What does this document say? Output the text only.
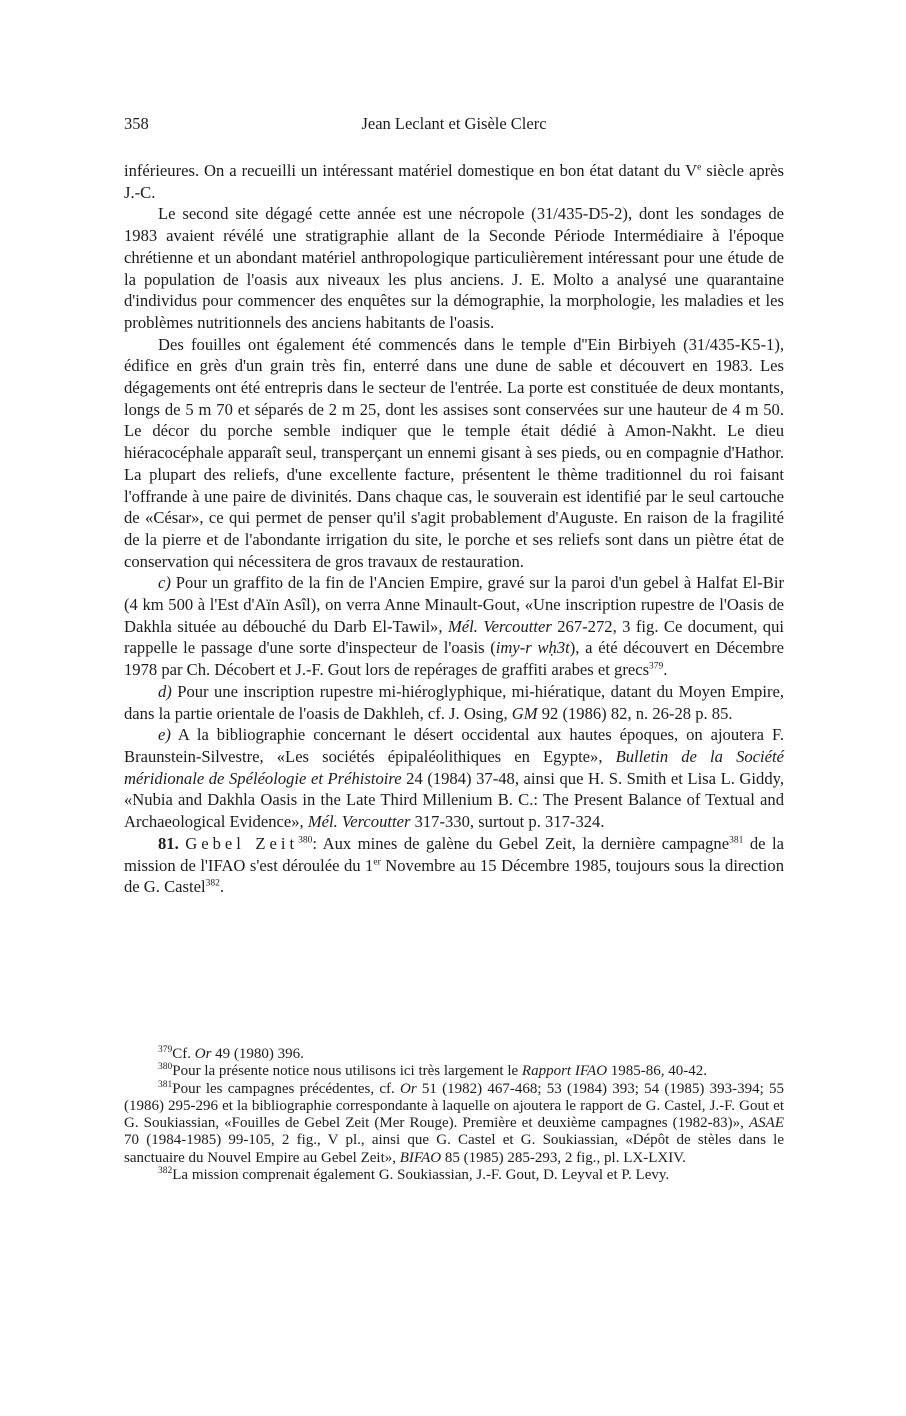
358	Jean Leclant et Gisèle Clerc

inférieures. On a recueilli un intéressant matériel domestique en bon état datant du Ve siècle après J.-C.

Le second site dégagé cette année est une nécropole (31/435-D5-2), dont les sondages de 1983 avaient révélé une stratigraphie allant de la Seconde Période Intermédiaire à l'époque chrétienne et un abondant matériel anthropologique particulièrement intéressant pour une étude de la population de l'oasis aux niveaux les plus anciens. J. E. Molto a analysé une quarantaine d'individus pour commencer des enquêtes sur la démographie, la morphologie, les maladies et les problèmes nutritionnels des anciens habitants de l'oasis.

Des fouilles ont également été commencés dans le temple d''Ein Birbiyeh (31/435-K5-1), édifice en grès d'un grain très fin, enterré dans une dune de sable et découvert en 1983. Les dégagements ont été entrepris dans le secteur de l'entrée. La porte est constituée de deux montants, longs de 5 m 70 et séparés de 2 m 25, dont les assises sont conservées sur une hauteur de 4 m 50. Le décor du porche semble indiquer que le temple était dédié à Amon-Nakht. Le dieu hiéracocéphale apparaît seul, transperçant un ennemi gisant à ses pieds, ou en compagnie d'Hathor. La plupart des reliefs, d'une excellente facture, présentent le thème traditionnel du roi faisant l'offrande à une paire de divinités. Dans chaque cas, le souverain est identifié par le seul cartouche de «César», ce qui permet de penser qu'il s'agit probablement d'Auguste. En raison de la fragilité de la pierre et de l'abondante irrigation du site, le porche et ses reliefs sont dans un piètre état de conservation qui nécessitera de gros travaux de restauration.

c) Pour un graffito de la fin de l'Ancien Empire, gravé sur la paroi d'un gebel à Halfat El-Bir (4 km 500 à l'Est d'Aïn Asîl), on verra Anne Minault-Gout, «Une inscription rupestre de l'Oasis de Dakhla située au débouché du Darb El-Tawil», Mél. Vercoutter 267-272, 3 fig. Ce document, qui rappelle le passage d'une sorte d'inspecteur de l'oasis (imy-r wḥ3t), a été découvert en Décembre 1978 par Ch. Décobert et J.-F. Gout lors de repérages de graffiti arabes et grecs$^{379}$.

d) Pour une inscription rupestre mi-hiéroglyphique, mi-hiératique, datant du Moyen Empire, dans la partie orientale de l'oasis de Dakhleh, cf. J. Osing, GM 92 (1986) 82, n. 26-28 p. 85.

e) A la bibliographie concernant le désert occidental aux hautes époques, on ajoutera F. Braunstein-Silvestre, «Les sociétés épipaléolithiques en Egypte», Bulletin de la Société méridionale de Spéléologie et Préhistoire 24 (1984) 37-48, ainsi que H. S. Smith et Lisa L. Giddy, «Nubia and Dakhla Oasis in the Late Third Millenium B. C.: The Present Balance of Textual and Archaeological Evidence», Mél. Vercoutter 317-330, surtout p. 317-324.

81. Gebel Zeit$^{380}$: Aux mines de galène du Gebel Zeit, la dernière campagne$^{381}$ de la mission de l'IFAO s'est déroulée du 1er Novembre au 15 Décembre 1985, toujours sous la direction de G. Castel$^{382}$.

$^{379}$Cf. Or 49 (1980) 396.

$^{380}$Pour la présente notice nous utilisons ici très largement le Rapport IFAO 1985-86, 40-42.

$^{381}$Pour les campagnes précédentes, cf. Or 51 (1982) 467-468; 53 (1984) 393; 54 (1985) 393-394; 55 (1986) 295-296 et la bibliographie correspondante à laquelle on ajoutera le rapport de G. Castel, J.-F. Gout et G. Soukiassian, «Fouilles de Gebel Zeit (Mer Rouge). Première et deuxième campagnes (1982-83)», ASAE 70 (1984-1985) 99-105, 2 fig., V pl., ainsi que G. Castel et G. Soukiassian, «Dépôt de stèles dans le sanctuaire du Nouvel Empire au Gebel Zeit», BIFAO 85 (1985) 285-293, 2 fig., pl. LX-LXIV.

$^{382}$La mission comprenait également G. Soukiassian, J.-F. Gout, D. Leyval et P. Levy.
